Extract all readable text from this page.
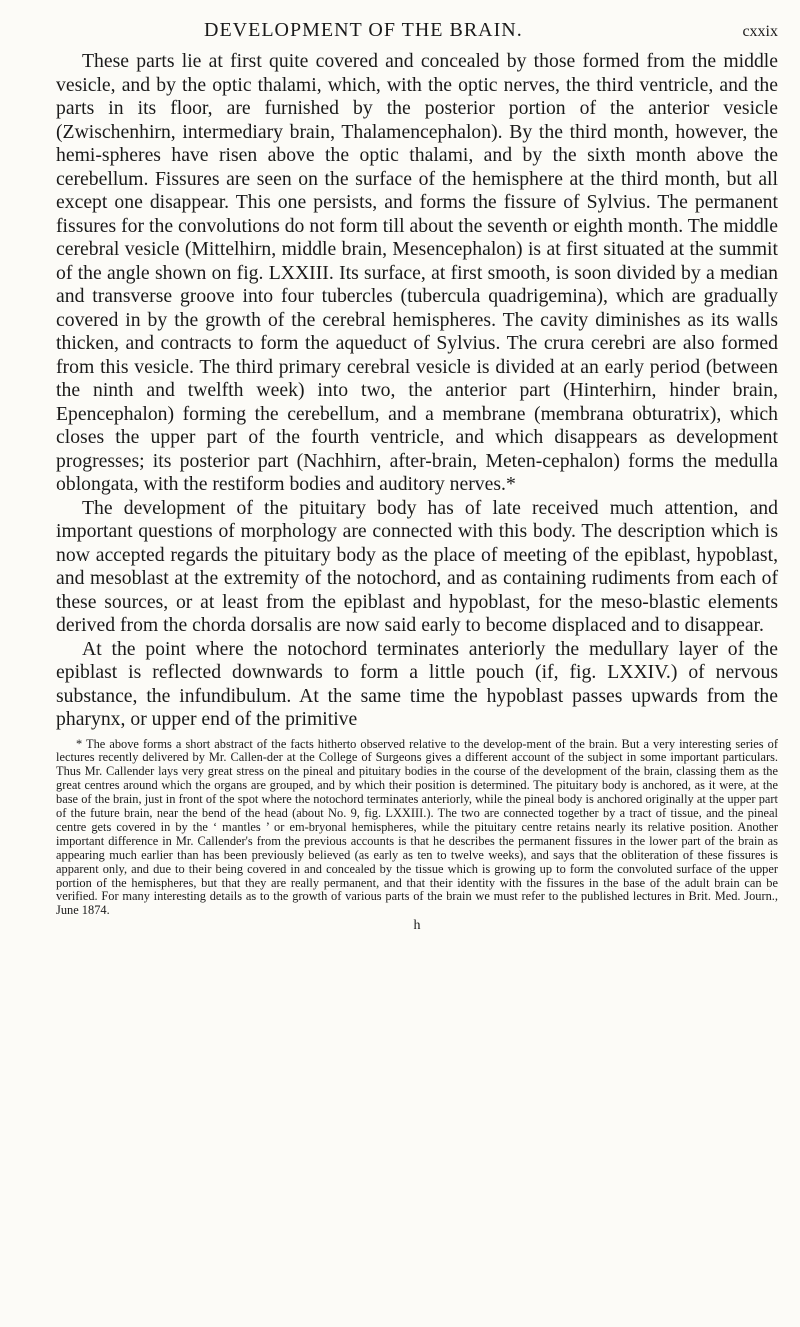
DEVELOPMENT OF THE BRAIN.	cxxix

These parts lie at first quite covered and concealed by those formed from the middle vesicle, and by the optic thalami, which, with the optic nerves, the third ventricle, and the parts in its floor, are furnished by the posterior portion of the anterior vesicle (Zwischenhirn, intermediary brain, Thalamencephalon). By the third month, however, the hemi-spheres have risen above the optic thalami, and by the sixth month above the cerebellum. Fissures are seen on the surface of the hemisphere at the third month, but all except one disappear. This one persists, and forms the fissure of Sylvius. The permanent fissures for the convolutions do not form till about the seventh or eighth month. The middle cerebral vesicle (Mittelhirn, middle brain, Mesencephalon) is at first situated at the summit of the angle shown on fig. LXXIII. Its surface, at first smooth, is soon divided by a median and transverse groove into four tubercles (tubercula quadrigemina), which are gradually covered in by the growth of the cerebral hemispheres. The cavity diminishes as its walls thicken, and contracts to form the aqueduct of Sylvius. The crura cerebri are also formed from this vesicle. The third primary cerebral vesicle is divided at an early period (between the ninth and twelfth week) into two, the anterior part (Hinterhirn, hinder brain, Epencephalon) forming the cerebellum, and a membrane (membrana obturatrix), which closes the upper part of the fourth ventricle, and which disappears as development progresses; its posterior part (Nachhirn, after-brain, Meten-cephalon) forms the medulla oblongata, with the restiform bodies and auditory nerves.*

The development of the pituitary body has of late received much attention, and important questions of morphology are connected with this body. The description which is now accepted regards the pituitary body as the place of meeting of the epiblast, hypoblast, and mesoblast at the extremity of the notochord, and as containing rudiments from each of these sources, or at least from the epiblast and hypoblast, for the meso-blastic elements derived from the chorda dorsalis are now said early to become displaced and to disappear.

At the point where the notochord terminates anteriorly the medullary layer of the epiblast is reflected downwards to form a little pouch (if, fig. LXXIV.) of nervous substance, the infundibulum. At the same time the hypoblast passes upwards from the pharynx, or upper end of the primitive

* The above forms a short abstract of the facts hitherto observed relative to the develop-ment of the brain. But a very interesting series of lectures recently delivered by Mr. Callen-der at the College of Surgeons gives a different account of the subject in some important particulars. Thus Mr. Callender lays very great stress on the pineal and pituitary bodies in the course of the development of the brain, classing them as the great centres around which the organs are grouped, and by which their position is determined. The pituitary body is anchored, as it were, at the base of the brain, just in front of the spot where the notochord terminates anteriorly, while the pineal body is anchored originally at the upper part of the future brain, near the bend of the head (about No. 9, fig. LXXIII.). The two are connected together by a tract of tissue, and the pineal centre gets covered in by the ‘ mantles ’ or em-bryonal hemispheres, while the pituitary centre retains nearly its relative position. Another important difference in Mr. Callender's from the previous accounts is that he describes the permanent fissures in the lower part of the brain as appearing much earlier than has been previously believed (as early as ten to twelve weeks), and says that the obliteration of these fissures is apparent only, and due to their being covered in and concealed by the tissue which is growing up to form the convoluted surface of the upper portion of the hemispheres, but that they are really permanent, and that their identity with the fissures in the base of the adult brain can be verified. For many interesting details as to the growth of various parts of the brain we must refer to the published lectures in Brit. Med. Journ., June 1874.
h
